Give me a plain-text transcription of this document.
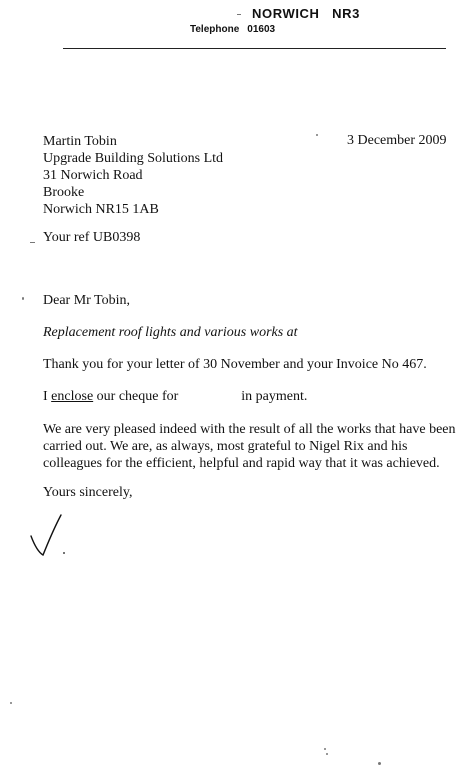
NORWICH   NR3
Telephone 01603
Martin Tobin
Upgrade Building Solutions Ltd
31 Norwich Road
Brooke
Norwich NR15 1AB
3 December 2009
Your ref UB0398
Dear Mr Tobin,
Replacement roof lights and various works at
Thank you for your letter of 30 November and your Invoice No 467.
I enclose our cheque for	in payment.
We are very pleased indeed with the result of all the works that have been
carried out. We are, as always, most grateful to Nigel Rix and his
colleagues for the efficient, helpful and rapid way that it was achieved.
Yours sincerely,
